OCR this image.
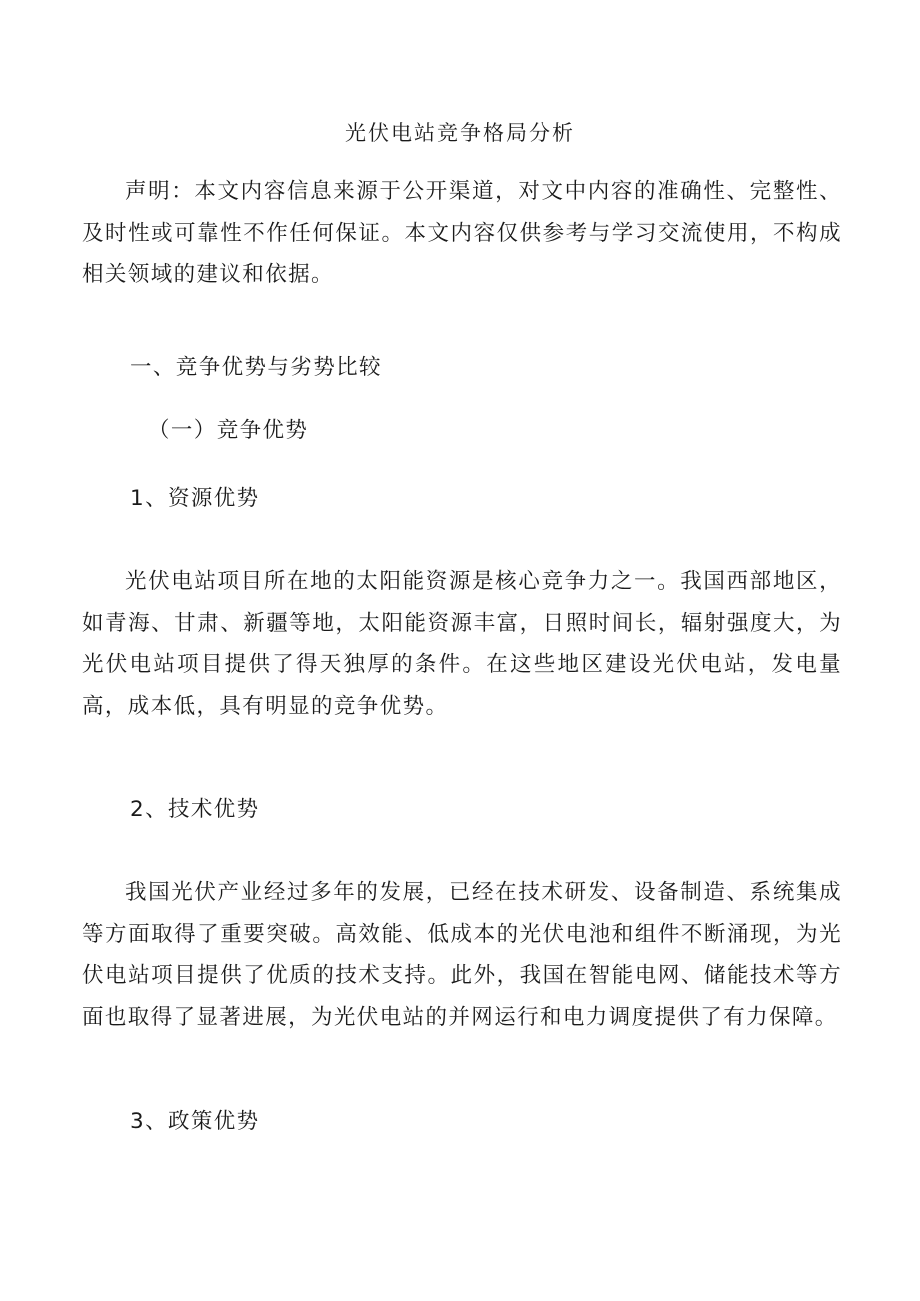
光伏电站竞争格局分析

声明：本文内容信息来源于公开渠道，对文中内容的准确性、完整性、及时性或可靠性不作任何保证。本文内容仅供参考与学习交流使用，不构成相关领域的建议和依据。

一、竞争优势与劣势比较

（一）竞争优势

1、资源优势

光伏电站项目所在地的太阳能资源是核心竞争力之一。我国西部地区，如青海、甘肃、新疆等地，太阳能资源丰富，日照时间长，辐射强度大，为光伏电站项目提供了得天独厚的条件。在这些地区建设光伏电站，发电量高，成本低，具有明显的竞争优势。

2、技术优势

我国光伏产业经过多年的发展，已经在技术研发、设备制造、系统集成等方面取得了重要突破。高效能、低成本的光伏电池和组件不断涌现，为光伏电站项目提供了优质的技术支持。此外，我国在智能电网、储能技术等方面也取得了显著进展，为光伏电站的并网运行和电力调度提供了有力保障。

3、政策优势
